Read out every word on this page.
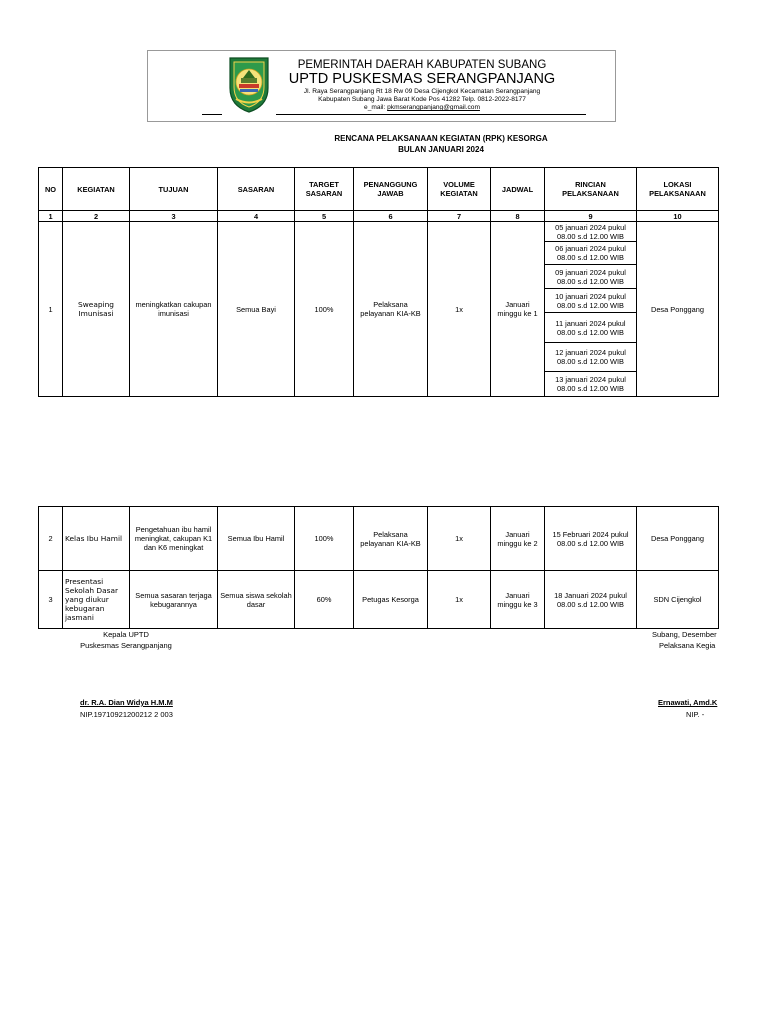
PEMERINTAH DAERAH KABUPATEN SUBANG
UPTD PUSKESMAS SERANGPANJANG
Jl. Raya Serangpanjang Rt 18 Rw 09 Desa Cijengkol Kecamatan Serangpanjang
Kabupaten Subang Jawa Barat Kode Pos 41282 Telp. 0812-2022-8177
e_mail: pkmserangpanjang@gmail.com
RENCANA PELAKSANAAN KEGIATAN (RPK) KESORGA
BULAN JANUARI 2024
NO	KEGIATAN	TUJUAN	SASARAN	TARGET SASARAN	PENANGGUNG JAWAB	VOLUME KEGIATAN	JADWAL	RINCIAN PELAKSANAAN	LOKASI PELAKSANAAN
1	2	3	4	5	6	7	8	9	10
1	Sweaping Imunisasi	meningkatkan cakupan imunisasi	Semua Bayi	100%	Pelaksana pelayanan KIA-KB	1x	Januari minggu ke 1	05 januari 2024 pukul 08.00 s.d 12.00 WIB	Desa Ponggang
								06 januari 2024 pukul 08.00 s.d 12.00 WIB	
								09 januari 2024 pukul 08.00 s.d 12.00 WIB	
								10 januari 2024 pukul 08.00 s.d 12.00 WIB	
								11 januari 2024 pukul 08.00 s.d 12.00 WIB	
								12 januari 2024 pukul 08.00 s.d 12.00 WIB	
								13 januari 2024 pukul 08.00 s.d 12.00 WIB	
2	Kelas Ibu Hamil	Pengetahuan ibu hamil meningkat, cakupan K1 dan K6 meningkat	Semua Ibu Hamil	100%	Pelaksana pelayanan KIA-KB	1x	Januari minggu ke 2	15 Februari 2024 pukul 08.00 s.d 12.00 WIB	Desa Ponggang
3	Presentasi Sekolah Dasar yang diukur kebugaran jasmani	Semua sasaran terjaga kebugarannya	Semua siswa sekolah dasar	60%	Petugas Kesorga	1x	Januari minggu ke 3	18 Januari 2024 pukul 08.00 s.d 12.00 WIB	SDN Cijengkol
Kepala UPTD
Puskesmas Serangpanjang
dr. R.A. Dian Widya H.M.M
NIP.19710921200212 2 003
Subang, Desember
Pelaksana Kegia
Ernawati, Amd.K
NIP. -
